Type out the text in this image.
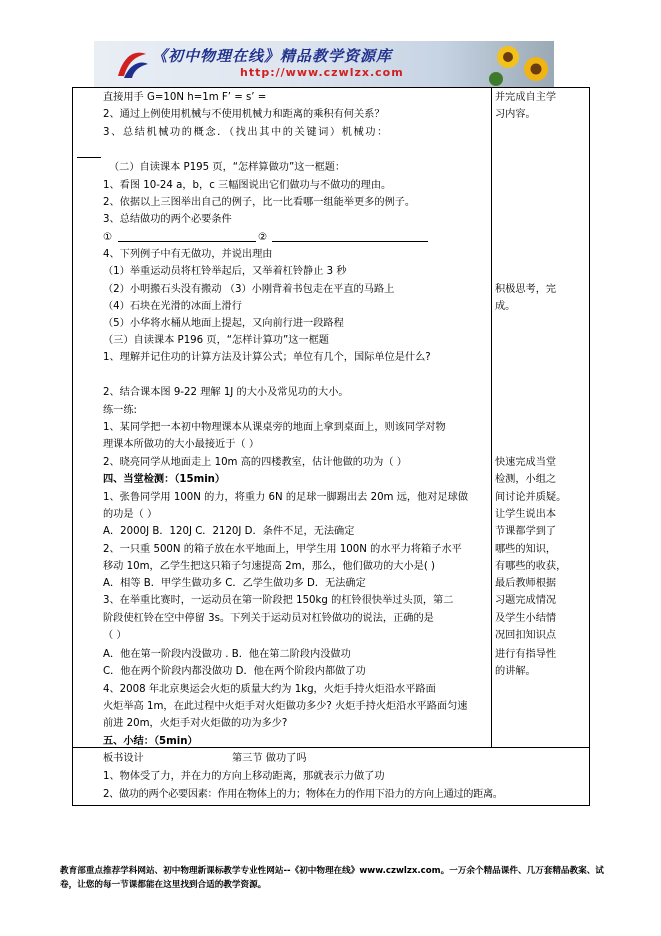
《初中物理在线》精品教学资源库
http://www.czwlzx.com
①	②
直接用手 G=10N h=1m F’ = s’ =
2、通过上例使用机械与不使用机械力和距离的乘积有何关系？
3、总结机械功的概念．（找出其中的关键词）机械功：
（二）自读课本 P195 页，“怎样算做功”这一框题：
1、看图 10-24 a，b，c 三幅图说出它们做功与不做功的理由。
2、依据以上三图举出自己的例子，比一比看哪一组能举更多的例子。
3、总结做功的两个必要条件
4、下列例子中有无做功，并说出理由
（1）举重运动员将杠铃举起后，又举着杠铃静止 3 秒
（2）小明搬石头没有搬动 （3）小刚背着书包走在平直的马路上
（4）石块在光滑的冰面上滑行
（5）小华将水桶从地面上提起，又向前行进一段路程
（三）自读课本 P196 页，“怎样计算功”这一框题
1、理解并记住功的计算方法及计算公式；单位有几个，国际单位是什么?
2、结合课本图 9-22 理解 1J 的大小及常见功的大小。
练一练:
1、某同学把一本初中物理课本从课桌旁的地面上拿到桌面上，则该同学对物
理课本所做功的大小最接近于（ ）
2、晓亮同学从地面走上 10m 高的四楼教室，估计他做的功为（ ）
四、当堂检测：（15min）
1、张鲁同学用 100N 的力，将重力 6N 的足球一脚踢出去 20m 远，他对足球做
的功是（ ）
A．2000J B．120J C．2120J D．条件不足，无法确定
2、一只重 500N 的箱子放在水平地面上，甲学生用 100N 的水平力将箱子水平
移动 10m，乙学生把这只箱子匀速提高 2m，那么，他们做功的大小是( )
A．相等 B．甲学生做功多 C．乙学生做功多 D．无法确定
3、在举重比赛时，一运动员在第一阶段把 150kg 的杠铃很快举过头顶，第二
阶段使杠铃在空中停留 3s。下列关于运动员对杠铃做功的说法，正确的是
（ ）
A．他在第一阶段内没做功 . B．他在第二阶段内没做功
C．他在两个阶段内都没做功 D．他在两个阶段内都做了功
4、2008 年北京奥运会火炬的质量大约为 1kg，火炬手持火炬沿水平路面
火炬举高 1m，在此过程中火炬手对火炬做功多少? 火炬手持火炬沿水平路面匀速
前进 20m，火炬手对火炬做的功为多少?
五、小结：（5min）
并完成自主学
习内容。
积极思考，完
成。
快速完成当堂
检测，小组之
间讨论并质疑。
让学生说出本
节课都学到了
哪些的知识，
有哪些的收获，
最后教师根据
习题完成情况
及学生小结情
况回扣知识点
进行有指导性
的讲解。
板书设计	第三节 做功了吗
1、物体受了力，并在力的方向上移动距离，那就表示力做了功
2、做功的两个必要因素：作用在物体上的力；物体在力的作用下沿力的方向上通过的距离。
教育部重点推荐学科网站、初中物理新课标教学专业性网站--《初中物理在线》www.czwlzx.com。一万余个精品课件、几万套精品教案、试卷，让您的每一节课都能在这里找到合适的教学资源。
